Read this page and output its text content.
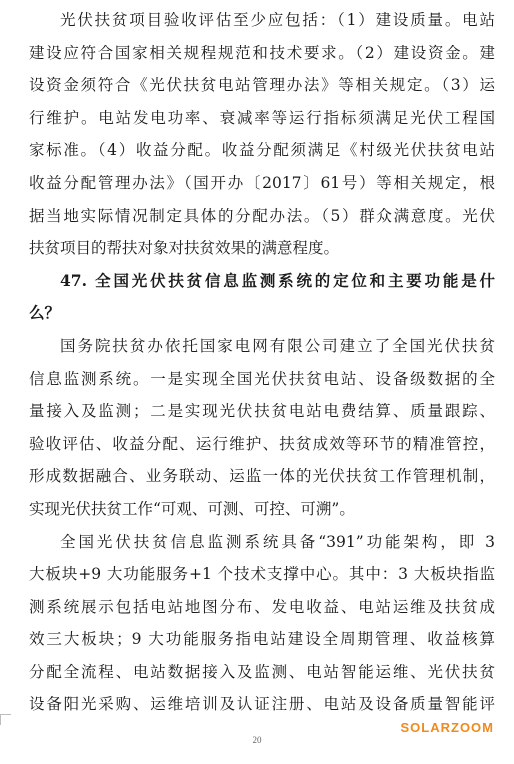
光伏扶贫项目验收评估至少应包括：（1）建设质量。电站
建设应符合国家相关规程规范和技术要求。（2）建设资金。建
设资金须符合《光伏扶贫电站管理办法》等相关规定。（3）运
行维护。电站发电功率、衰减率等运行指标须满足光伏工程国
家标准。（4）收益分配。收益分配须满足《村级光伏扶贫电站
收益分配管理办法》（国开办〔2017〕61号）等相关规定，根
据当地实际情况制定具体的分配办法。（5）群众满意度。光伏
扶贫项目的帮扶对象对扶贫效果的满意程度。
47. 全国光伏扶贫信息监测系统的定位和主要功能是什
么？
国务院扶贫办依托国家电网有限公司建立了全国光伏扶贫
信息监测系统。一是实现全国光伏扶贫电站、设备级数据的全
量接入及监测；二是实现光伏扶贫电站电费结算、质量跟踪、
验收评估、收益分配、运行维护、扶贫成效等环节的精准管控，
形成数据融合、业务联动、运监一体的光伏扶贫工作管理机制，
实现光伏扶贫工作“可观、可测、可控、可溯”。
全国光伏扶贫信息监测系统具备“391”功能架构，即 3
大板块+9 大功能服务+1 个技术支撑中心。其中：3 大板块指监
测系统展示包括电站地图分布、发电收益、电站运维及扶贫成
效三大板块；9 大功能服务指电站建设全周期管理、收益核算
分配全流程、电站数据接入及监测、电站智能运维、光伏扶贫
设备阳光采购、运维培训及认证注册、电站及设备质量智能评
20
SOLARZOOM
